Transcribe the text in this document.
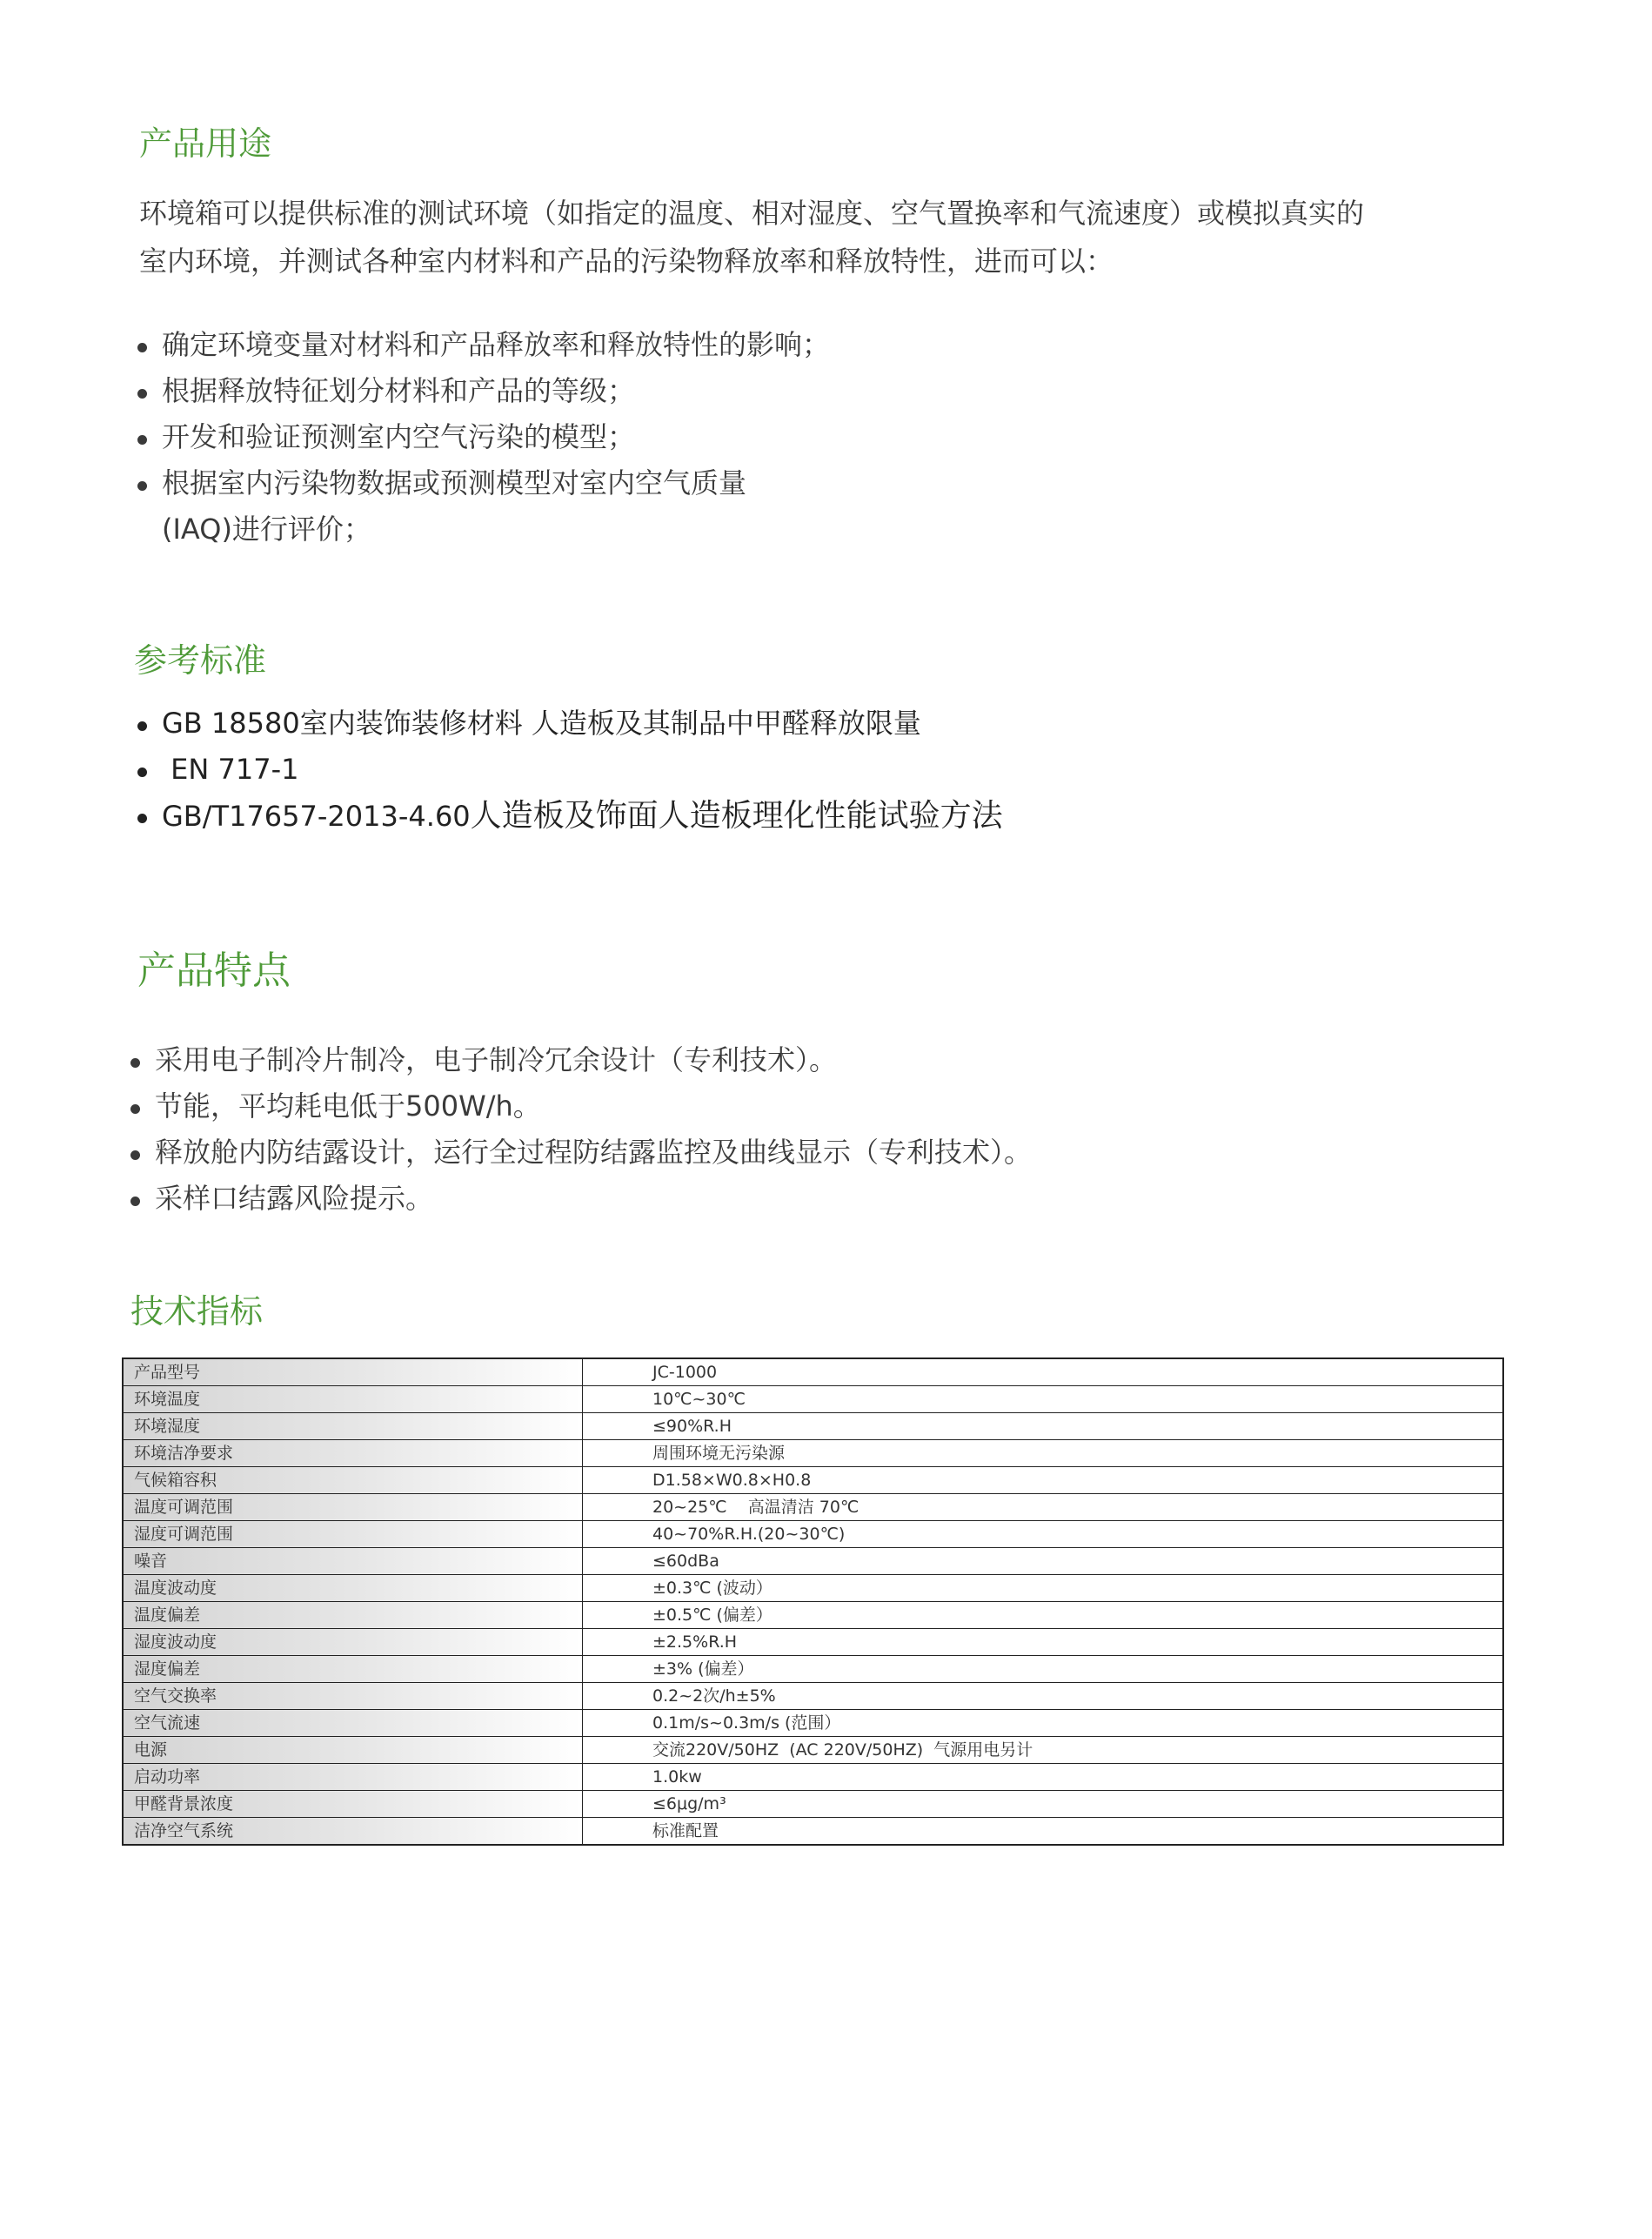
产品用途

环境箱可以提供标准的测试环境（如指定的温度、相对湿度、空气置换率和气流速度）或模拟真实的

室内环境，并测试各种室内材料和产品的污染物释放率和释放特性，进而可以：

确定环境变量对材料和产品释放率和释放特性的影响；
根据释放特征划分材料和产品的等级；
开发和验证预测室内空气污染的模型；
根据室内污染物数据或预测模型对室内空气质量
(IAQ)进行评价；
参考标准
GB 18580室内装饰装修材料 人造板及其制品中甲醛释放限量
EN 717-1
GB/T17657-2013-4.60人造板及饰面人造板理化性能试验方法
产品特点
采用电子制冷片制冷，电子制冷冗余设计（专利技术）。
节能，平均耗电低于500W/h。
释放舱内防结露设计，运行全过程防结露监控及曲线显示（专利技术）。
采样口结露风险提示。
技术指标
产品型号	JC-1000
环境温度	10℃~30℃
环境湿度	≤90%R.H
环境洁净要求	周围环境无污染源
气候箱容积	D1.58×W0.8×H0.8
温度可调范围	20~25℃    高温清洁 70℃
湿度可调范围	40~70%R.H.(20~30℃)
噪音	≤60dBa
温度波动度	±0.3℃ (波动）
温度偏差	±0.5℃ (偏差）
湿度波动度	±2.5%R.H
湿度偏差	±3% (偏差）
空气交换率	0.2~2次/h±5%
空气流速	0.1m/s~0.3m/s (范围）
电源	交流220V/50HZ  (AC 220V/50HZ)  气源用电另计
启动功率	1.0kw
甲醛背景浓度	≤6μg/m³
洁净空气系统	标准配置
